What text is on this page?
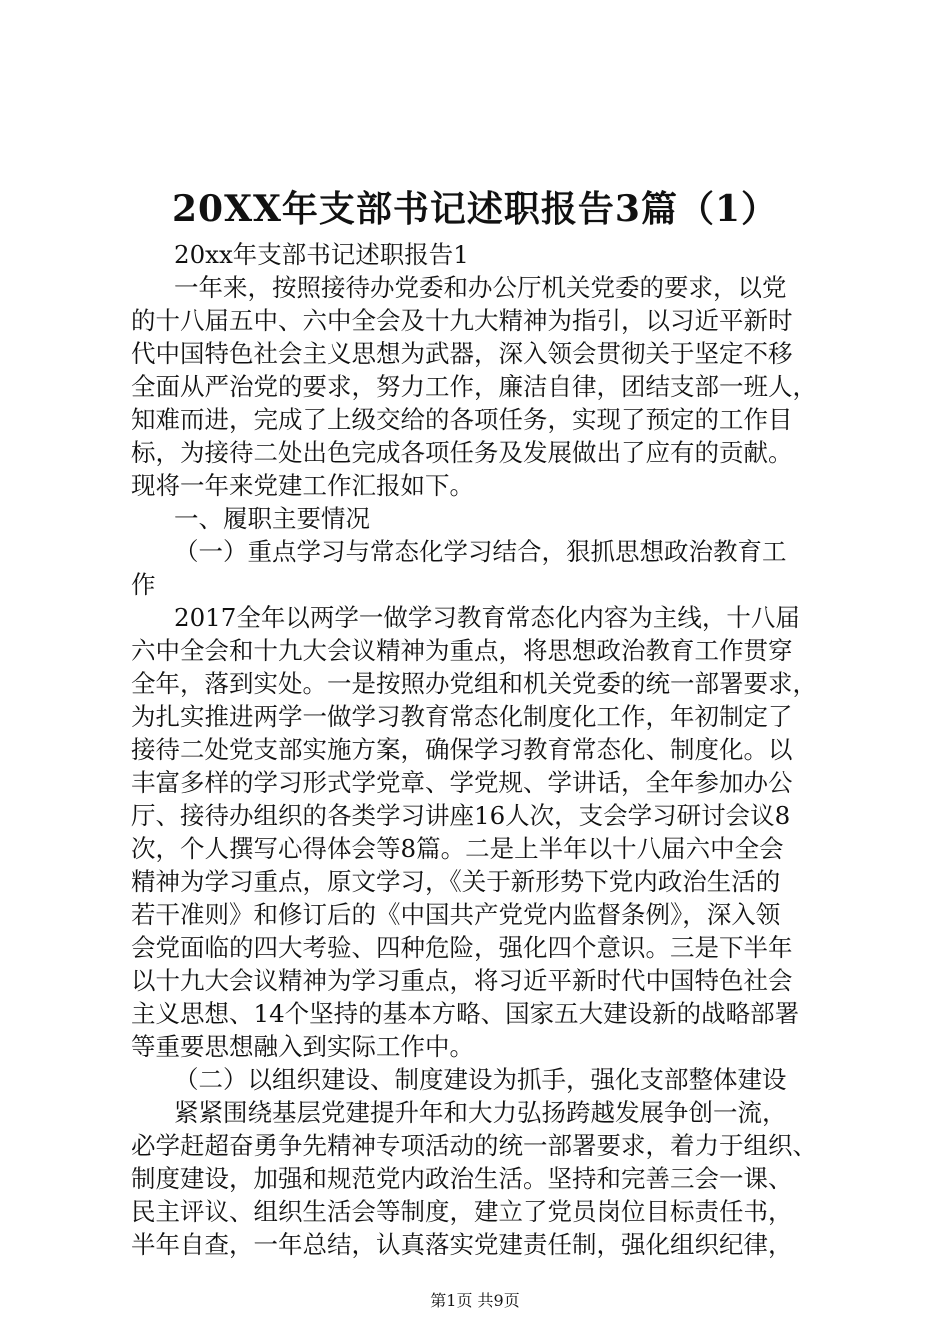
20XX年支部书记述职报告3篇（1）
20xx年支部书记述职报告1
一年来，按照接待办党委和办公厅机关党委的要求，以党
的十八届五中、六中全会及十九大精神为指引，以习近平新时
代中国特色社会主义思想为武器，深入领会贯彻关于坚定不移
全面从严治党的要求，努力工作，廉洁自律，团结支部一班人，
知难而进，完成了上级交给的各项任务，实现了预定的工作目
标，为接待二处出色完成各项任务及发展做出了应有的贡献。
现将一年来党建工作汇报如下。
一、履职主要情况
（一）重点学习与常态化学习结合，狠抓思想政治教育工
作
2017全年以两学一做学习教育常态化内容为主线，十八届
六中全会和十九大会议精神为重点，将思想政治教育工作贯穿
全年，落到实处。一是按照办党组和机关党委的统一部署要求，
为扎实推进两学一做学习教育常态化制度化工作，年初制定了
接待二处党支部实施方案，确保学习教育常态化、制度化。以
丰富多样的学习形式学党章、学党规、学讲话，全年参加办公
厅、接待办组织的各类学习讲座16人次，支会学习研讨会议8
次，个人撰写心得体会等8篇。二是上半年以十八届六中全会
精神为学习重点，原文学习，《关于新形势下党内政治生活的
若干准则》和修订后的《中国共产党党内监督条例》，深入领
会党面临的四大考验、四种危险，强化四个意识。三是下半年
以十九大会议精神为学习重点，将习近平新时代中国特色社会
主义思想、14个坚持的基本方略、国家五大建设新的战略部署
等重要思想融入到实际工作中。
（二）以组织建设、制度建设为抓手，强化支部整体建设
紧紧围绕基层党建提升年和大力弘扬跨越发展争创一流，
必学赶超奋勇争先精神专项活动的统一部署要求，着力于组织、
制度建设，加强和规范党内政治生活。坚持和完善三会一课、
民主评议、组织生活会等制度，建立了党员岗位目标责任书，
半年自查，一年总结，认真落实党建责任制，强化组织纪律，
第1页 共9页
